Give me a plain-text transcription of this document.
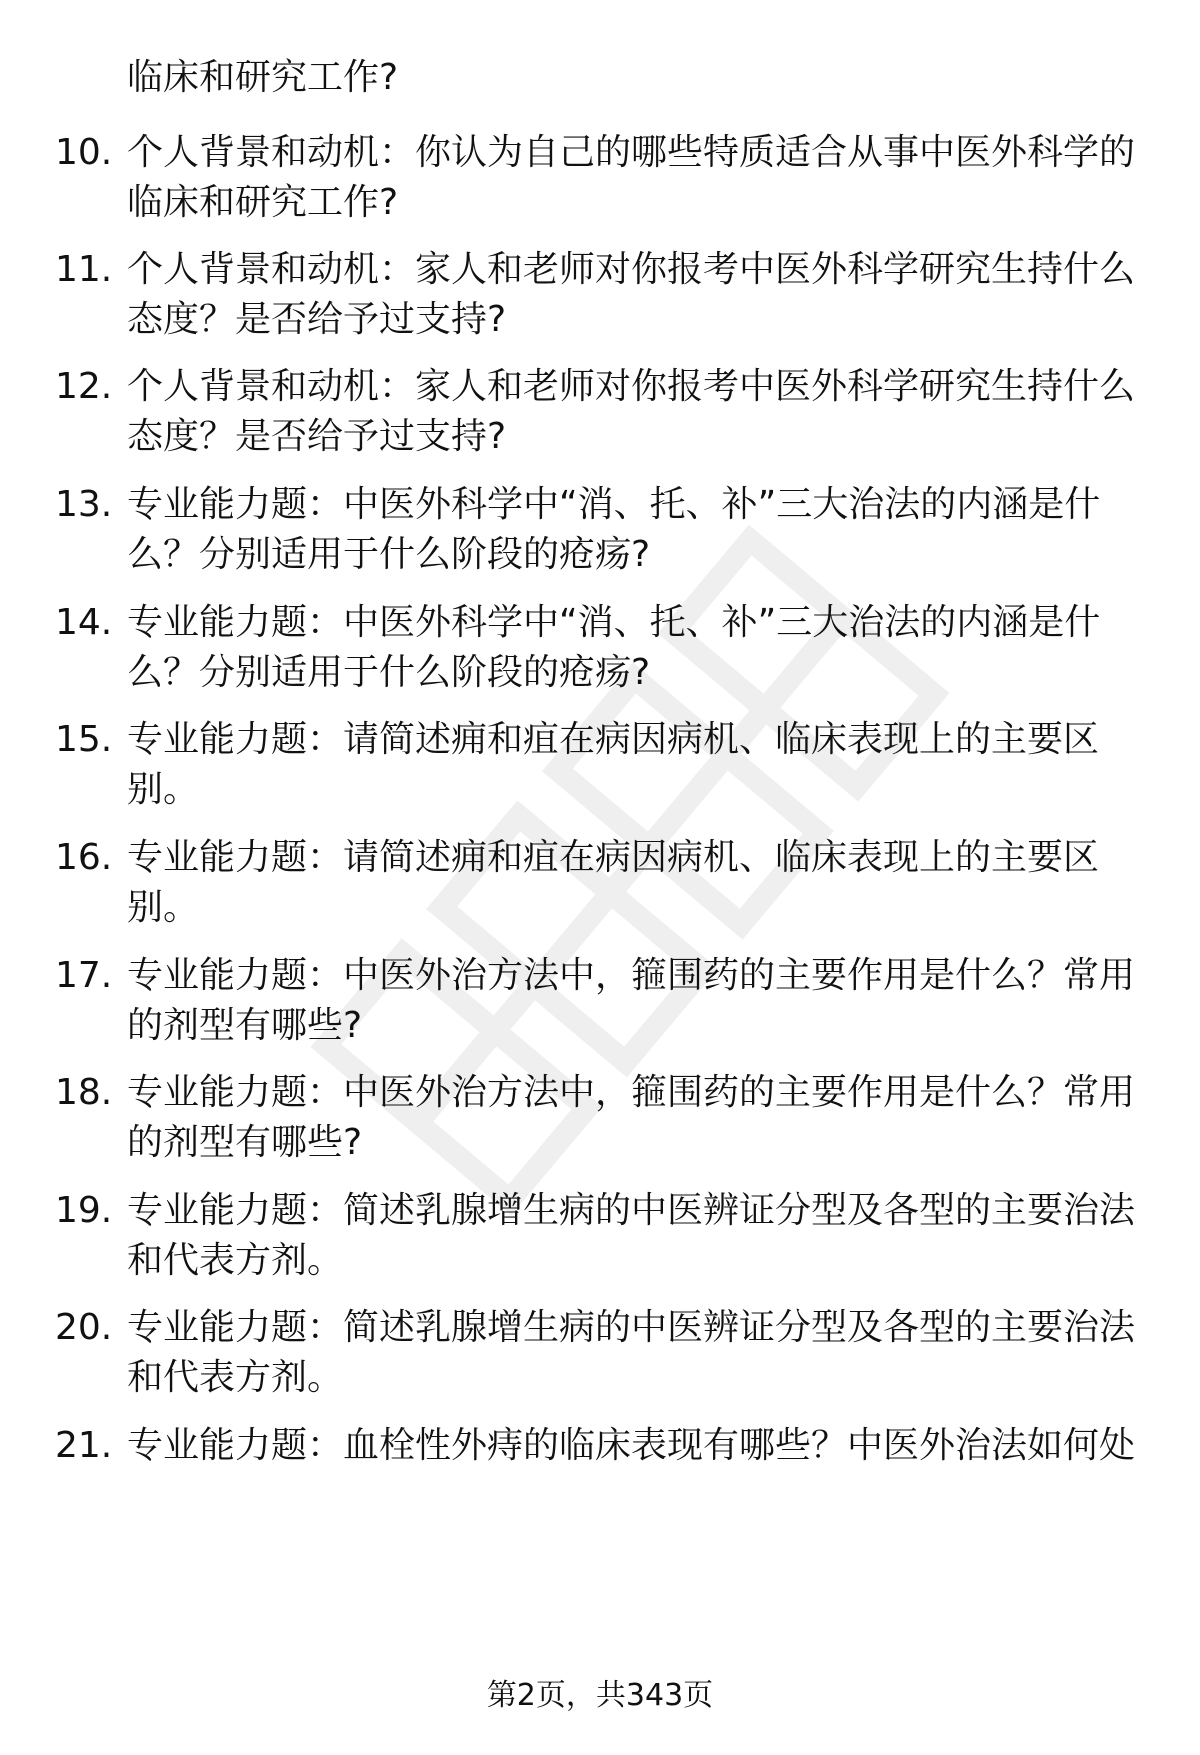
临床和研究工作?
10. 个人背景和动机：你认为自己的哪些特质适合从事中医外科学的
临床和研究工作?
11. 个人背景和动机：家人和老师对你报考中医外科学研究生持什么
态度？是否给予过支持?
12. 个人背景和动机：家人和老师对你报考中医外科学研究生持什么
态度？是否给予过支持?
13. 专业能力题：中医外科学中“消、托、补”三大治法的内涵是什
么？分别适用于什么阶段的疮疡?
14. 专业能力题：中医外科学中“消、托、补”三大治法的内涵是什
么？分别适用于什么阶段的疮疡?
15. 专业能力题：请简述痈和疽在病因病机、临床表现上的主要区
别。
16. 专业能力题：请简述痈和疽在病因病机、临床表现上的主要区
别。
17. 专业能力题：中医外治方法中，箍围药的主要作用是什么？常用
的剂型有哪些?
18. 专业能力题：中医外治方法中，箍围药的主要作用是什么？常用
的剂型有哪些?
19. 专业能力题：简述乳腺增生病的中医辨证分型及各型的主要治法
和代表方剂。
20. 专业能力题：简述乳腺增生病的中医辨证分型及各型的主要治法
和代表方剂。
21. 专业能力题：血栓性外痔的临床表现有哪些？中医外治法如何处
第2页，共343页
